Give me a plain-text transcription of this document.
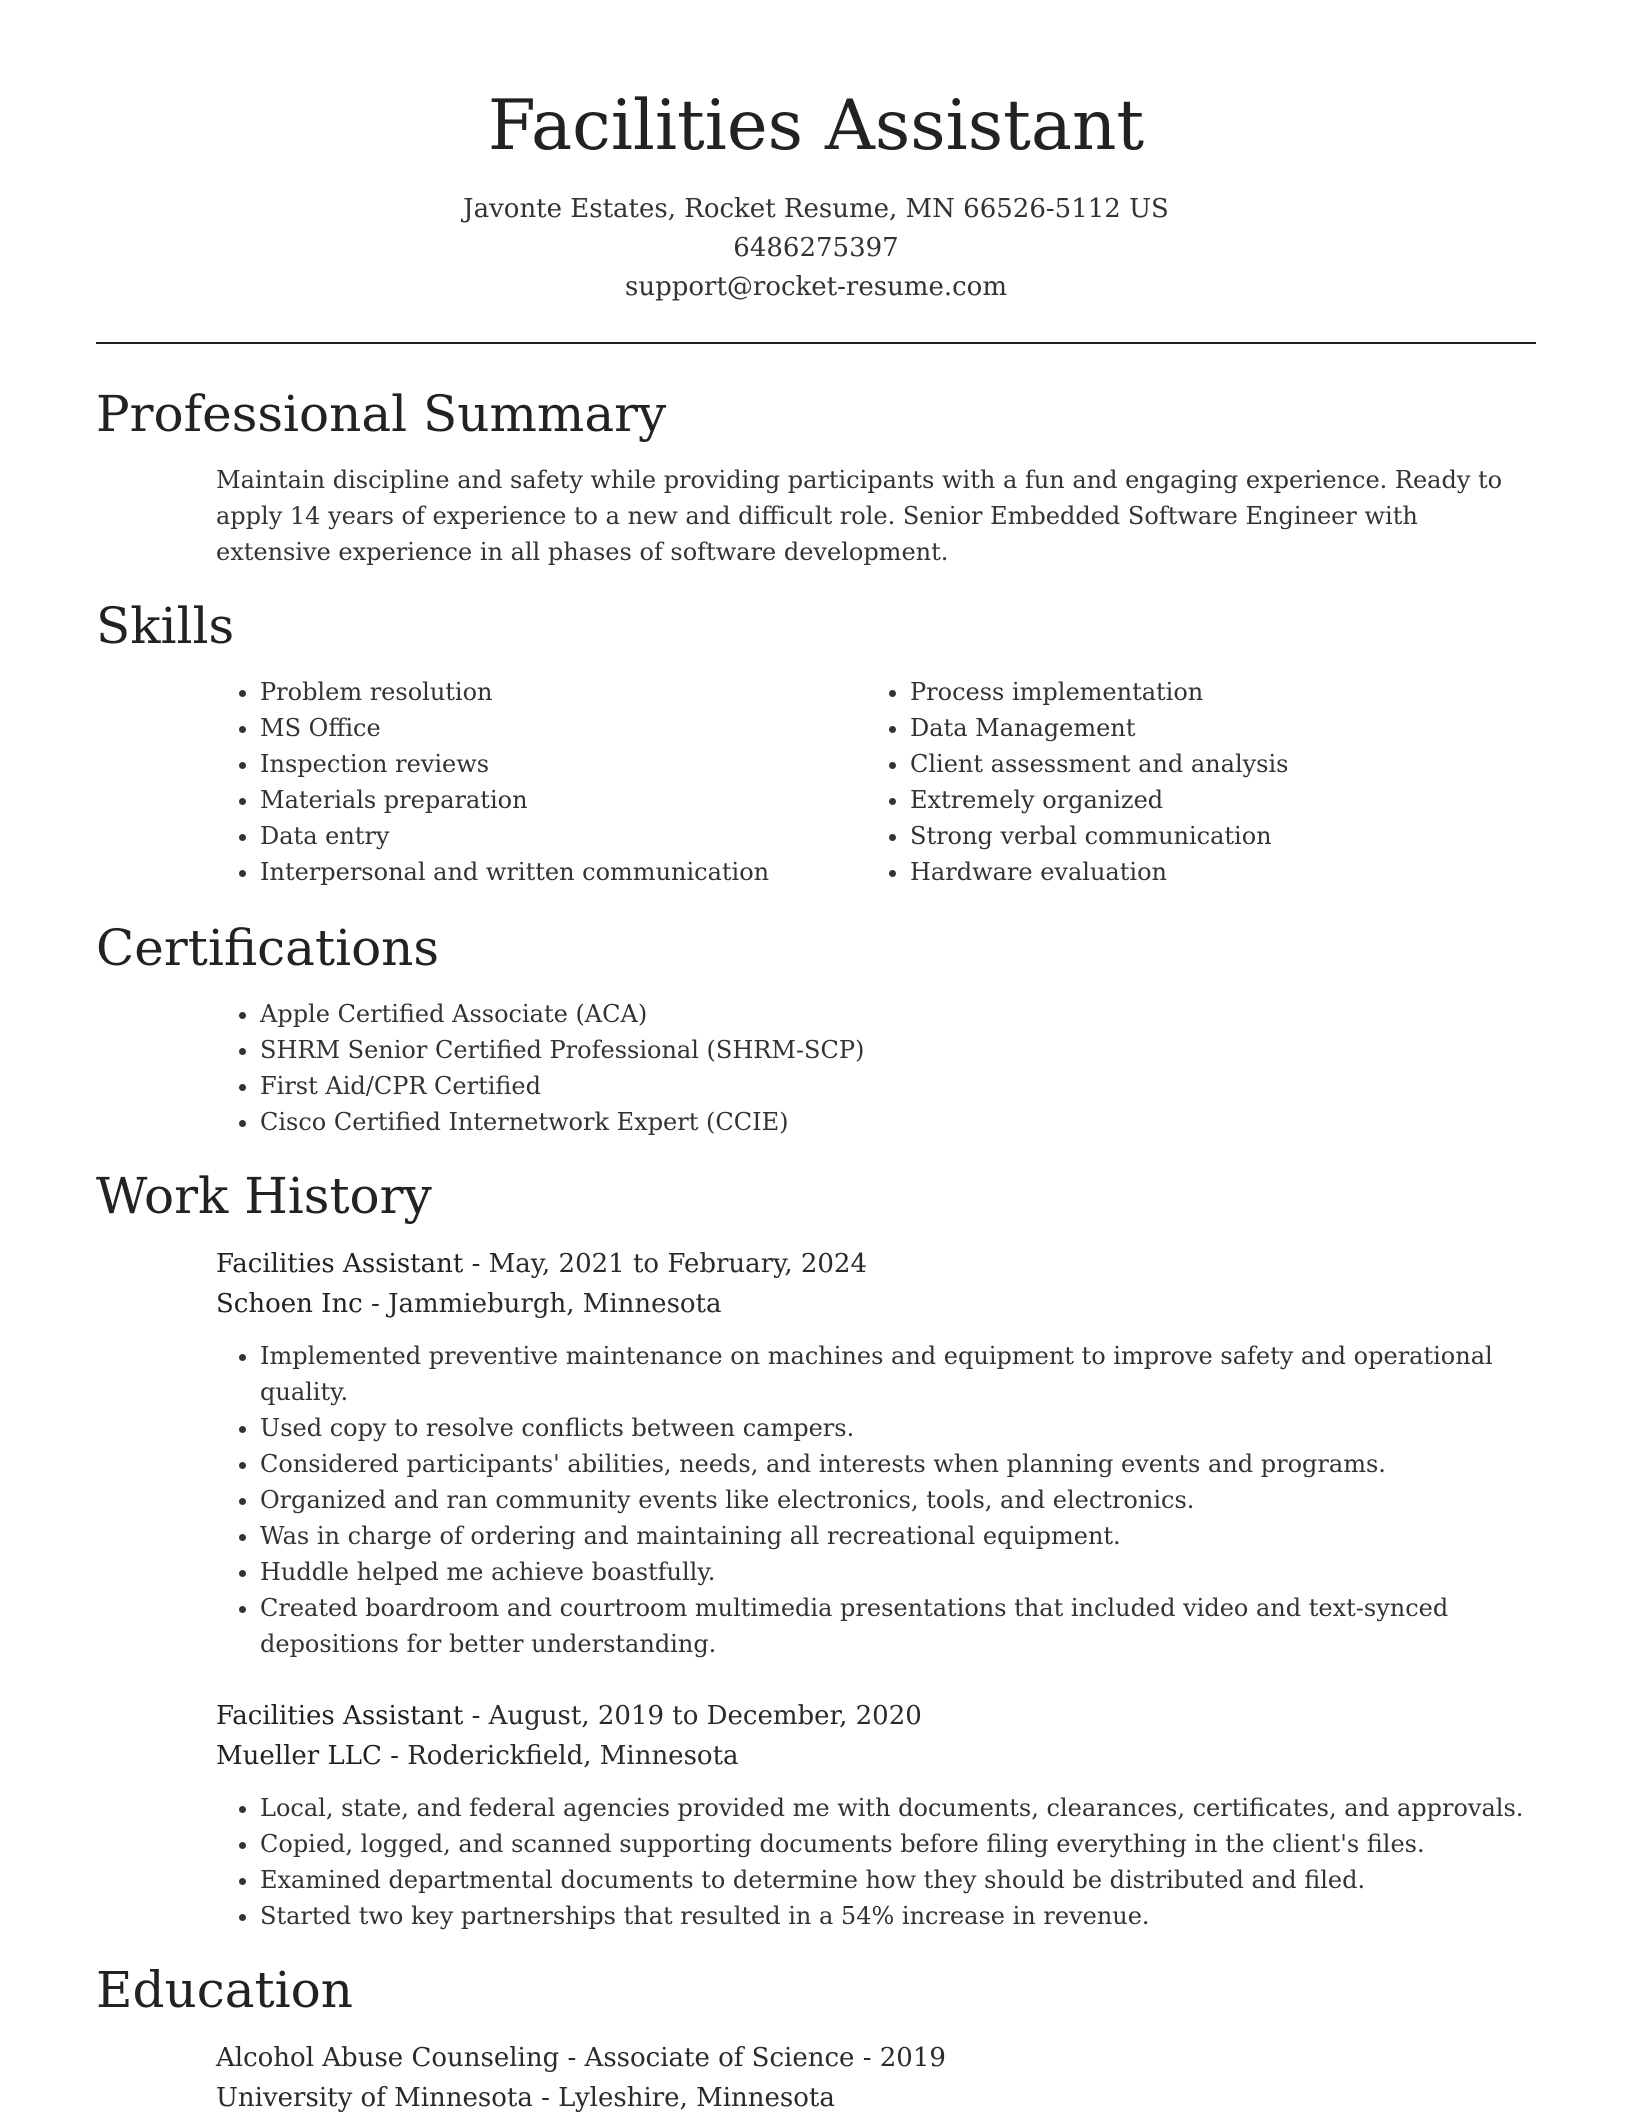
Facilities Assistant
Javonte Estates, Rocket Resume, MN 66526-5112 US
6486275397
support@rocket-resume.com
Professional Summary

Maintain discipline and safety while providing participants with a fun and engaging experience. Ready to apply 14 years of experience to a new and difficult role. Senior Embedded Software Engineer with extensive experience in all phases of software development.

Skills
• Problem resolution
• MS Office
• Inspection reviews
• Materials preparation
• Data entry
• Interpersonal and written communication
• Process implementation
• Data Management
• Client assessment and analysis
• Extremely organized
• Strong verbal communication
• Hardware evaluation
Certifications
• Apple Certified Associate (ACA)
• SHRM Senior Certified Professional (SHRM-SCP)
• First Aid/CPR Certified
• Cisco Certified Internetwork Expert (CCIE)
Work History
Facilities Assistant - May, 2021 to February, 2024
Schoen Inc - Jammieburgh, Minnesota
• Implemented preventive maintenance on machines and equipment to improve safety and operational quality.
• Used copy to resolve conflicts between campers.
• Considered participants' abilities, needs, and interests when planning events and programs.
• Organized and ran community events like electronics, tools, and electronics.
• Was in charge of ordering and maintaining all recreational equipment.
• Huddle helped me achieve boastfully.
• Created boardroom and courtroom multimedia presentations that included video and text-synced depositions for better understanding.
Facilities Assistant - August, 2019 to December, 2020
Mueller LLC - Roderickfield, Minnesota
• Local, state, and federal agencies provided me with documents, clearances, certificates, and approvals.
• Copied, logged, and scanned supporting documents before filing everything in the client's files.
• Examined departmental documents to determine how they should be distributed and filed.
• Started two key partnerships that resulted in a 54% increase in revenue.
Education
Alcohol Abuse Counseling - Associate of Science - 2019
University of Minnesota - Lyleshire, Minnesota
